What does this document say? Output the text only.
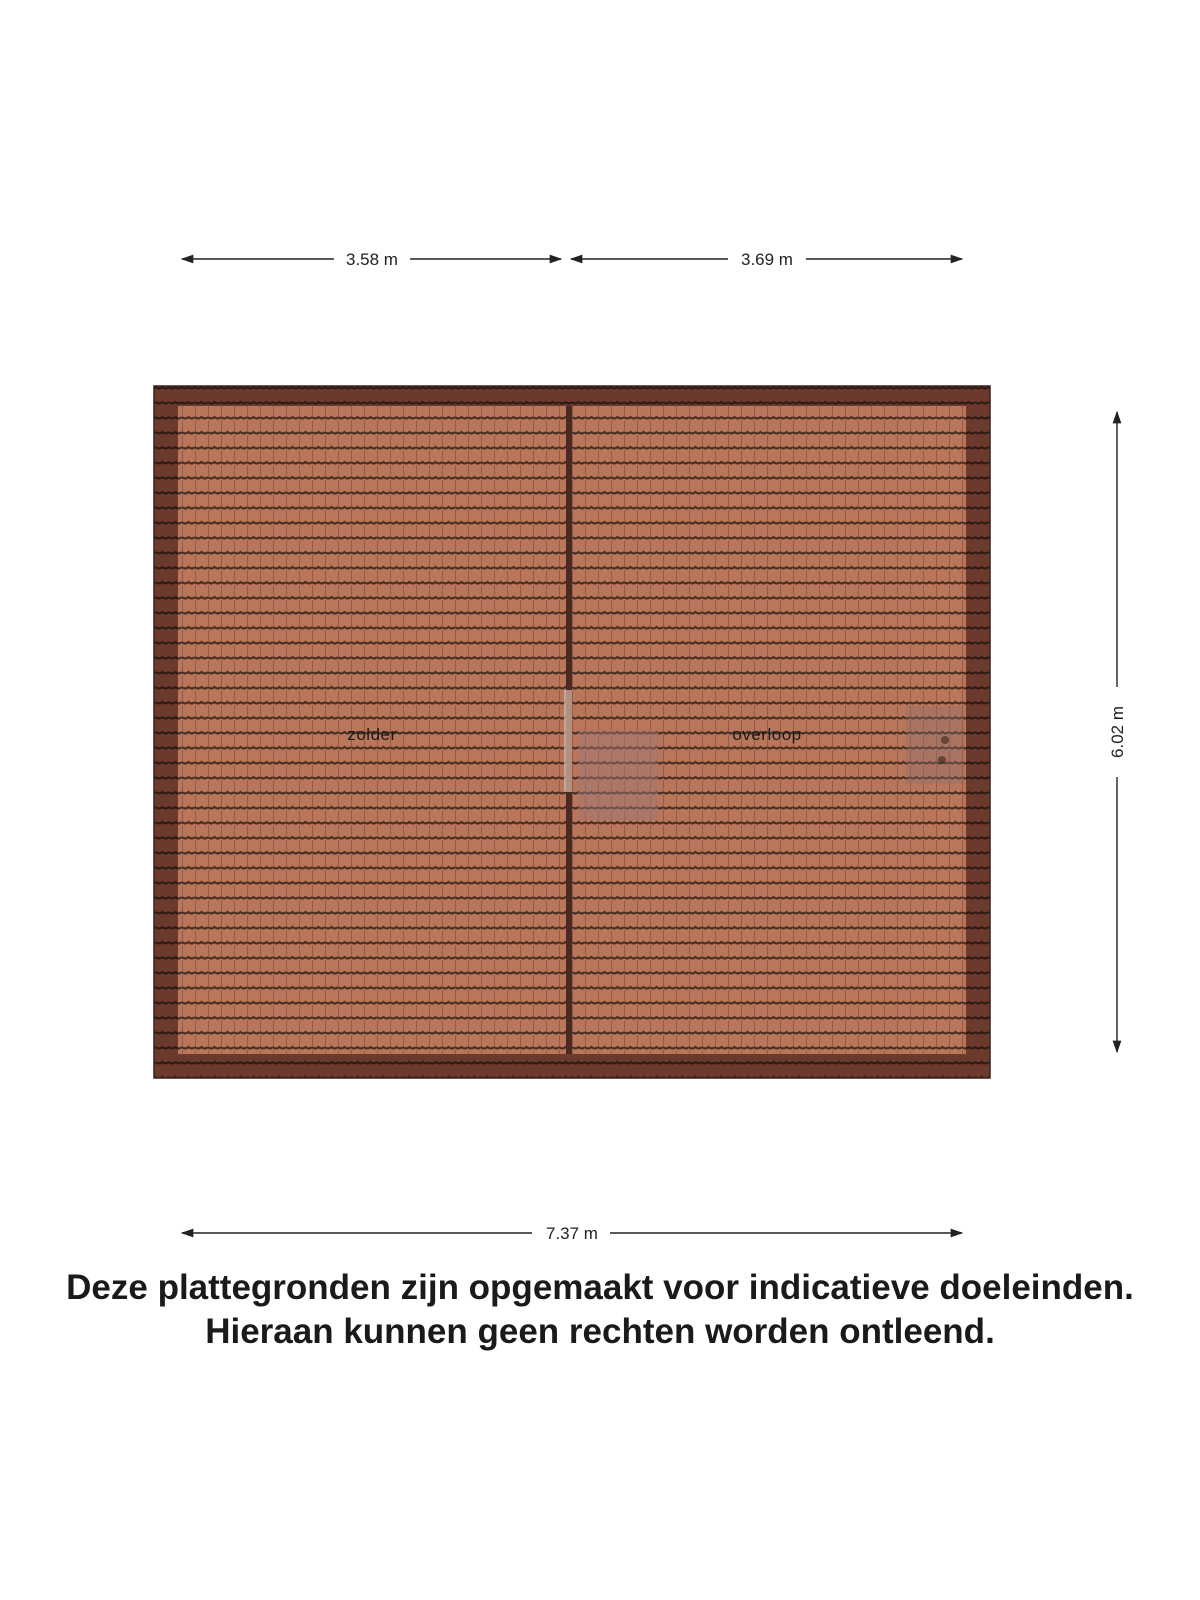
3.58 m	3.69 m
zolder	overloop	6.02 m
7.37 m
Deze plattegronden zijn opgemaakt voor indicatieve doeleinden.
Hieraan kunnen geen rechten worden ontleend.
